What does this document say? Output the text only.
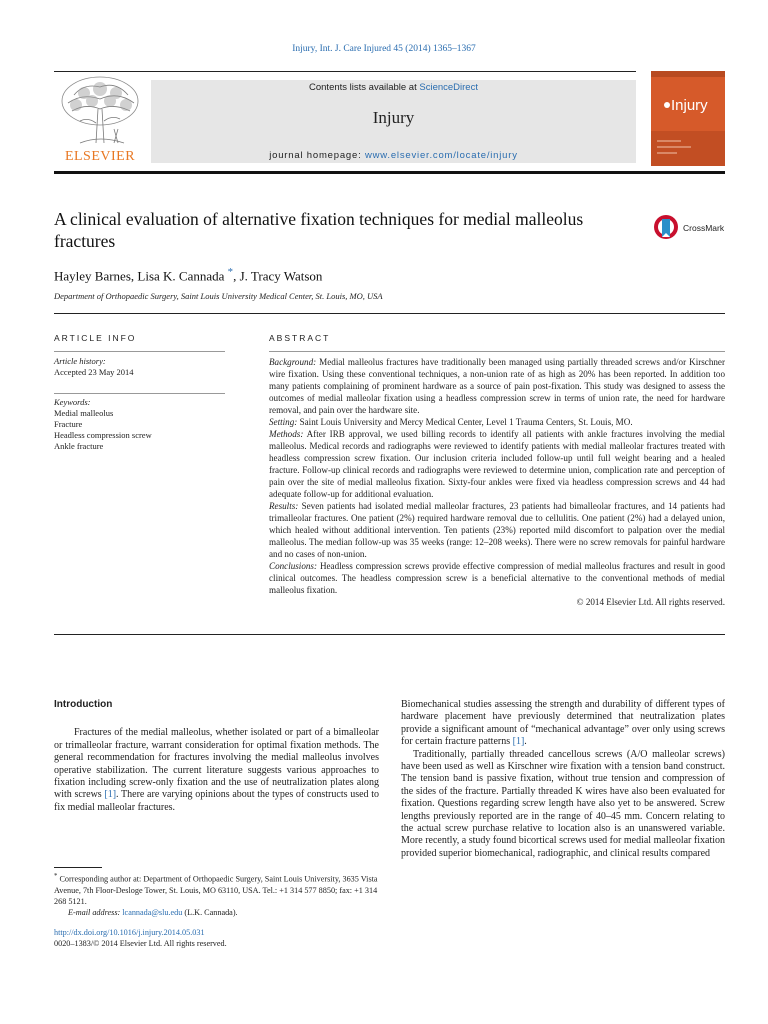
Injury, Int. J. Care Injured 45 (2014) 1365–1367
ELSEVIER
Contents lists available at ScienceDirect
Injury
journal homepage: www.elsevier.com/locate/injury
Injury
A clinical evaluation of alternative fixation techniques for medial malleolus fractures
CrossMark
Hayley Barnes, Lisa K. Cannada *, J. Tracy Watson
Department of Orthopaedic Surgery, Saint Louis University Medical Center, St. Louis, MO, USA
ARTICLE INFO	ABSTRACT
Article history:
Accepted 23 May 2014
Keywords:
Medial malleolus
Fracture
Headless compression screw
Ankle fracture

Background: Medial malleolus fractures have traditionally been managed using partially threaded screws and/or Kirschner wire fixation. Using these conventional techniques, a non-union rate of as high as 20% has been reported. In addition too many patients complaining of prominent hardware as a source of pain post-fixation. This study was designed to assess the outcomes of medial malleolar fixation using a headless compression screw in terms of union rate, the need for hardware removal, and pain over the hardware site.

Setting: Saint Louis University and Mercy Medical Center, Level 1 Trauma Centers, St. Louis, MO.

Methods: After IRB approval, we used billing records to identify all patients with ankle fractures involving the medial malleolus. Medical records and radiographs were reviewed to identify patients with medial malleolar fractures treated with headless compression screw fixation. Our inclusion criteria included follow-up until full weight bearing and a healed fracture. Follow-up clinical records and radiographs were reviewed to determine union, complication rate and perception of pain over the site of medial malleolus fixation. Sixty-four ankles were fixed via headless compression screws and 44 had adequate follow-up for additional evaluation.

Results: Seven patients had isolated medial malleolar fractures, 23 patients had bimalleolar fractures, and 14 patients had trimalleolar fractures. One patient (2%) required hardware removal due to cellulitis. One patient (2%) had a delayed union, which healed without additional intervention. Ten patients (23%) reported mild discomfort to palpation over the medial malleolus. The median follow-up was 35 weeks (range: 12–208 weeks). There were no screw removals for painful hardware and no cases of non-union.

Conclusions: Headless compression screws provide effective compression of medial malleolus fractures and result in good clinical outcomes. The headless compression screw is a beneficial alternative to the conventional methods of medial malleolus fixation.

© 2014 Elsevier Ltd. All rights reserved.

Introduction

Fractures of the medial malleolus, whether isolated or part of a bimalleolar or trimalleolar fracture, warrant consideration for optimal fixation methods. The general recommendation for fractures involving the medial malleolus involves operative stabilization. The current literature suggests various approaches to fixation including screw-only fixation and the use of neutralization plates along with screws [1]. There are varying opinions about the types of constructs used to fix medial malleolar fractures.

Biomechanical studies assessing the strength and durability of different types of hardware placement have previously determined that neutralization plates provide a significant amount of “mechanical advantage” over only using screws for certain fracture patterns [1].

Traditionally, partially threaded cancellous screws (A/O malleolar screws) have been used as well as Kirschner wire fixation with a tension band construct. The tension band is passive fixation, without true tension and compression of the sides of the fracture. Partially threaded K wires have also been evaluated for fixation. Questions regarding screw length have also yet to be answered. Screw lengths previously reported are in the range of 40–45 mm. Concern relating to the actual screw purchase relative to location also is an unanswered variable. More recently, a study found bicortical screws used for medial malleolar fixation provided superior biomechanical, radiographic, and clinical results compared

* Corresponding author at: Department of Orthopaedic Surgery, Saint Louis University, 3635 Vista Avenue, 7th Floor-Desloge Tower, St. Louis, MO 63110, USA. Tel.: +1 314 577 8850; fax: +1 314 268 5121.
E-mail address: lcannada@slu.edu (L.K. Cannada).
http://dx.doi.org/10.1016/j.injury.2014.05.031
0020–1383/© 2014 Elsevier Ltd. All rights reserved.
